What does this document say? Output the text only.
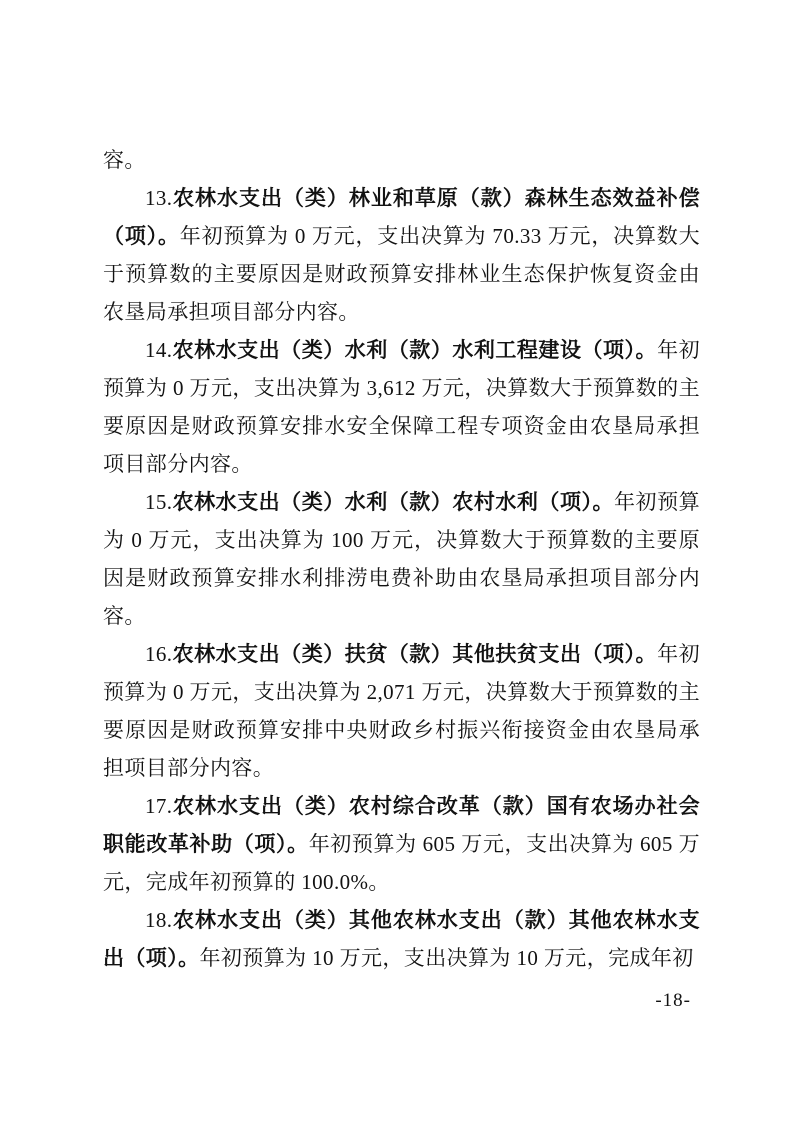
容。

13.农林水支出（类）林业和草原（款）森林生态效益补偿（项）。年初预算为 0 万元，支出决算为 70.33 万元，决算数大于预算数的主要原因是财政预算安排林业生态保护恢复资金由农垦局承担项目部分内容。

14.农林水支出（类）水利（款）水利工程建设（项）。年初预算为 0 万元，支出决算为 3,612 万元，决算数大于预算数的主要原因是财政预算安排水安全保障工程专项资金由农垦局承担项目部分内容。

15.农林水支出（类）水利（款）农村水利（项）。年初预算为 0 万元，支出决算为 100 万元，决算数大于预算数的主要原因是财政预算安排水利排涝电费补助由农垦局承担项目部分内容。

16.农林水支出（类）扶贫（款）其他扶贫支出（项）。年初预算为 0 万元，支出决算为 2,071 万元，决算数大于预算数的主要原因是财政预算安排中央财政乡村振兴衔接资金由农垦局承担项目部分内容。

17.农林水支出（类）农村综合改革（款）国有农场办社会职能改革补助（项）。年初预算为 605 万元，支出决算为 605 万元，完成年初预算的 100.0%。

18.农林水支出（类）其他农林水支出（款）其他农林水支出（项）。年初预算为 10 万元，支出决算为 10 万元，完成年初

-18-
